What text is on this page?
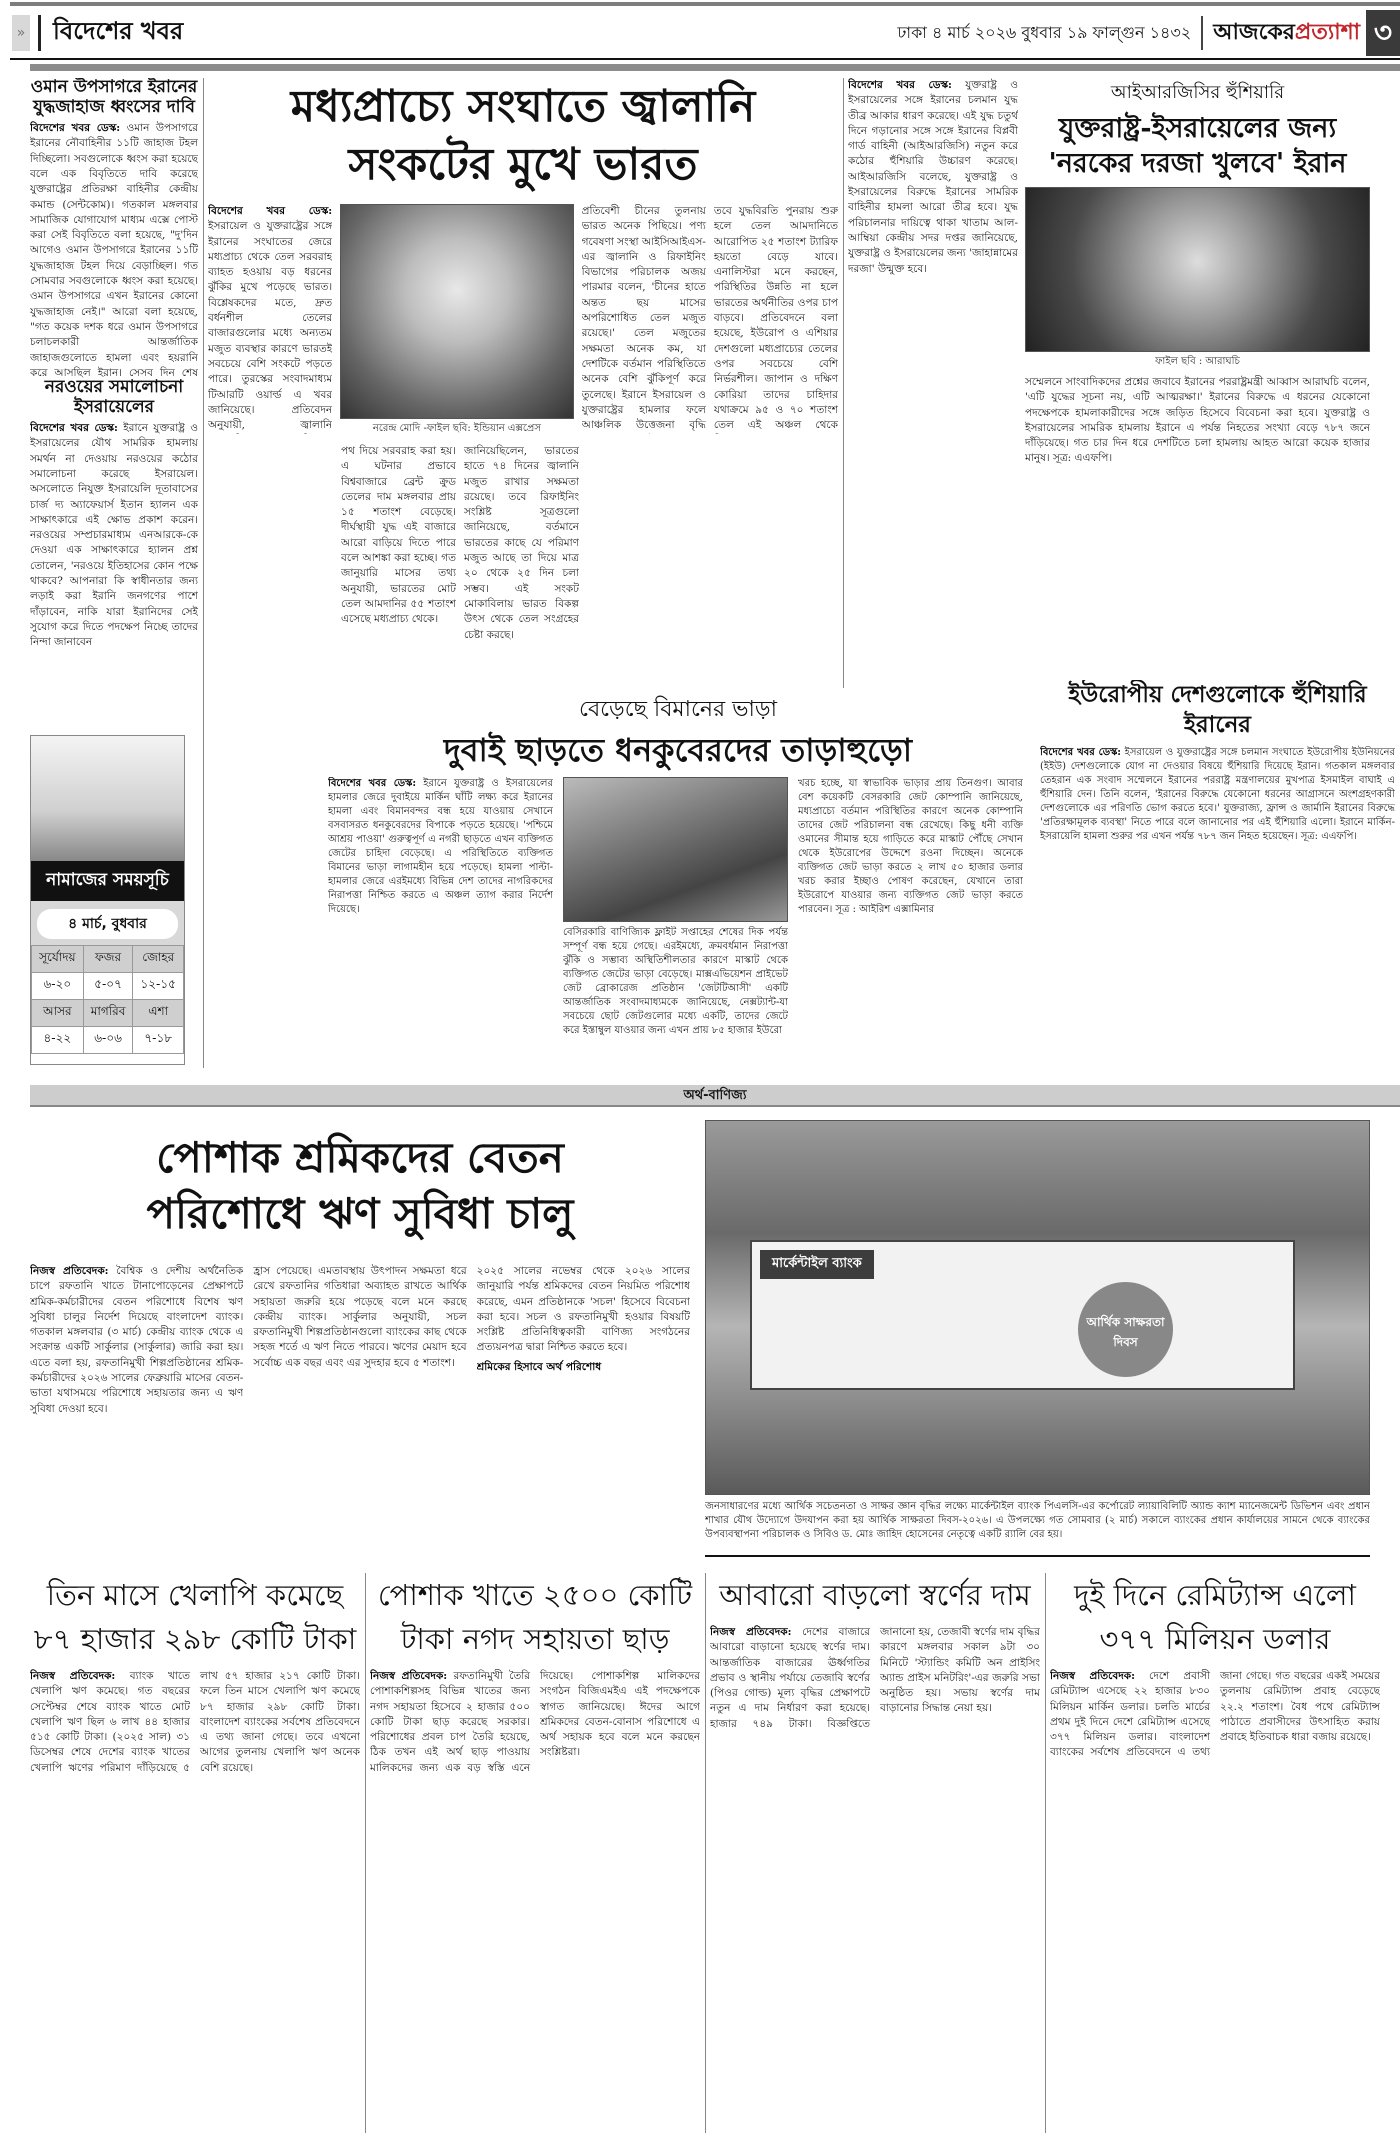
» বিদেশের খবর	ঢাকা ৪ মার্চ ২০২৬ বুধবার ১৯ ফাল্গুন ১৪৩২ আজকেরপ্রত্যাশা ৩
ওমান উপসাগরে ইরানের যুদ্ধজাহাজ ধ্বংসের দাবি
বিদেশের খবর ডেস্ক: ওমান উপসাগরে ইরানের নৌবাহিনীর ১১টি জাহাজ টহল দিচ্ছিলো। সবগুলোকে ধ্বংস করা হয়েছে বলে এক বিবৃতিতে দাবি করেছে যুক্তরাষ্ট্রের প্রতিরক্ষা বাহিনীর কেন্দ্রীয় কমান্ড (সেন্টকোম)। গতকাল মঙ্গলবার সামাজিক যোগাযোগ মাধ্যম এক্সে পোস্ট করা সেই বিবৃতিতে বলা হয়েছে, "দু'দিন আগেও ওমান উপসাগরে ইরানের ১১টি যুদ্ধজাহাজ টহল দিয়ে বেড়াচ্ছিল। গত সোমবার সবগুলোকে ধ্বংস করা হয়েছে। ওমান উপসাগরে এখন ইরানের কোনো যুদ্ধজাহাজ নেই।" আরো বলা হয়েছে, "গত কয়েক দশক ধরে ওমান উপসাগরে চলাচলকারী আন্তর্জাতিক জাহাজগুলোতে হামলা এবং হয়রানি করে আসছিল ইরান। সেসব দিন শেষ
নরওয়ের সমালোচনা ইসরায়েলের
বিদেশের খবর ডেস্ক: ইরানে যুক্তরাষ্ট্র ও ইসরায়েলের যৌথ সামরিক হামলায় সমর্থন না দেওয়ায় নরওয়ের কঠোর সমালোচনা করেছে ইসরায়েল। অসলোতে নিযুক্ত ইসরায়েলি দূতাবাসের চার্জ দ্য অ্যাফেয়ার্স ইতান হ্যালন এক সাক্ষাৎকারে এই ক্ষোভ প্রকাশ করেন। নরওয়ের সম্প্রচারমাধ্যম এনআরকে-কে দেওয়া এক সাক্ষাৎকারে হ্যালন প্রশ্ন তোলেন, 'নরওয়ে ইতিহাসের কোন পক্ষে থাকবে? আপনারা কি স্বাধীনতার জন্য লড়াই করা ইরানি জনগণের পাশে দাঁড়াবেন, নাকি যারা ইরানিদের সেই সুযোগ করে দিতে পদক্ষেপ নিচ্ছে তাদের নিন্দা জানাবেন
নামাজের সময়সূচি
৪ মার্চ, বুধবার
সূর্যোদয়	ফজর	জোহর
৬-২০	৫-০৭	১২-১৫
আসর	মাগরিব	এশা
৪-২২	৬-০৬	৭-১৮
মধ্যপ্রাচ্যে সংঘাতে জ্বালানি
সংকটের মুখে ভারত
বিদেশের খবর ডেস্ক: ইসরায়েল ও যুক্তরাষ্ট্রের সঙ্গে ইরানের সংঘাতের জেরে মধ্যপ্রাচ্য থেকে তেল সরবরাহ ব্যাহত হওয়ায় বড় ধরনের ঝুঁকির মুখে পড়েছে ভারত। বিশ্লেষকদের মতে, দ্রুত বর্ধনশীল তেলের বাজারগুলোর মধ্যে অন্যতম মজুত ব্যবস্থার কারণে ভারতই সবচেয়ে বেশি সংকটে পড়তে পারে। তুরস্কের সংবাদমাধ্যম টিআরটি ওয়ার্ল্ড এ খবর জানিয়েছে। প্রতিবেদন অনুযায়ী, জ্বালানি	নরেন্দ্র মোদি -ফাইল ছবি: ইন্ডিয়ান এক্সপ্রেস
প্রতিবেশী চীনের তুলনায় ভারত অনেক পিছিয়ে। পণ্য গবেষণা সংস্থা আইসিআইএস-এর জ্বালানি ও রিফাইনিং বিভাগের পরিচালক অজয় পারমার বলেন, 'চীনের হাতে অন্তত ছয় মাসের অপরিশোধিত তেল মজুত রয়েছে।' তেল মজুতের সক্ষমতা অনেক কম, যা দেশটিকে বর্তমান পরিস্থিতিতে অনেক বেশি ঝুঁকিপূর্ণ করে তুলেছে। ইরানে ইসরায়েল ও যুক্তরাষ্ট্রের হামলার ফলে আঞ্চলিক উত্তেজনা বৃদ্ধি
তবে যুদ্ধবিরতি পুনরায় শুরু হলে তেল আমদানিতে আরোপিত ২৫ শতাংশ ট্যারিফ হয়তো বেড়ে যাবে। এনালিস্টরা মনে করছেন, পরিস্থিতির উন্নতি না হলে ভারতের অর্থনীতির ওপর চাপ বাড়বে। প্রতিবেদনে বলা হয়েছে, ইউরোপ ও এশিয়ার দেশগুলো মধ্যপ্রাচ্যের তেলের ওপর সবচেয়ে বেশি নির্ভরশীল। জাপান ও দক্ষিণ কোরিয়া তাদের চাহিদার যথাক্রমে ৯৫ ও ৭০ শতাংশ তেল এই অঞ্চল থেকে
পথ দিয়ে সরবরাহ করা হয়। এ ঘটনার প্রভাবে বিশ্ববাজারে ব্রেন্ট ক্রুড তেলের দাম মঙ্গলবার প্রায় ১৫ শতাংশ বেড়েছে। দীর্ঘস্থায়ী যুদ্ধ এই বাজারে আরো বাড়িয়ে দিতে পারে বলে আশঙ্কা করা হচ্ছে। গত জানুয়ারি মাসের তথ্য অনুযায়ী, ভারতের মোট তেল আমদানির ৫৫ শতাংশ এসেছে মধ্যপ্রাচ্য থেকে।
জানিয়েছিলেন, ভারতের হাতে ৭৪ দিনের জ্বালানি মজুত রাখার সক্ষমতা রয়েছে। তবে রিফাইনিং সংশ্লিষ্ট সূত্রগুলো জানিয়েছে, বর্তমানে ভারতের কাছে যে পরিমাণ মজুত আছে তা দিয়ে মাত্র ২০ থেকে ২৫ দিন চলা সম্ভব। এই সংকট মোকাবিলায় ভারত বিকল্প উৎস থেকে তেল সংগ্রহের চেষ্টা করছে।
বিদেশের খবর ডেস্ক: যুক্তরাষ্ট্র ও ইসরায়েলের সঙ্গে ইরানের চলমান যুদ্ধ তীব্র আকার ধারণ করেছে। এই যুদ্ধ চতুর্থ দিনে গড়ানোর সঙ্গে সঙ্গে ইরানের বিপ্লবী গার্ড বাহিনী (আইআরজিসি) নতুন করে কঠোর হুঁশিয়ারি উচ্চারণ করেছে। আইআরজিসি বলেছে, যুক্তরাষ্ট্র ও ইসরায়েলের বিরুদ্ধে ইরানের সামরিক বাহিনীর হামলা আরো তীব্র হবে। যুদ্ধ পরিচালনার দায়িত্বে থাকা খাতাম আল-আম্বিয়া কেন্দ্রীয় সদর দপ্তর জানিয়েছে, যুক্তরাষ্ট্র ও ইসরায়েলের জন্য 'জাহান্নামের দরজা' উন্মুক্ত হবে।
আইআরজিসির হুঁশিয়ারি
যুক্তরাষ্ট্র-ইসরায়েলের জন্য 'নরকের দরজা খুলবে' ইরান
ফাইল ছবি : আরাঘচি
সম্মেলনে সাংবাদিকদের প্রশ্নের জবাবে ইরানের পররাষ্ট্রমন্ত্রী আব্বাস আরাঘচি বলেন, 'এটি যুদ্ধের সূচনা নয়, এটি আত্মরক্ষা।' ইরানের বিরুদ্ধে এ ধরনের যেকোনো পদক্ষেপকে হামলাকারীদের সঙ্গে জড়িত হিসেবে বিবেচনা করা হবে। যুক্তরাষ্ট্র ও ইসরায়েলের সামরিক হামলায় ইরানে এ পর্যন্ত নিহতের সংখ্যা বেড়ে ৭৮৭ জনে দাঁড়িয়েছে। গত চার দিন ধরে দেশটিতে চলা হামলায় আহত আরো কয়েক হাজার মানুষ। সূত্র: এএফপি।
ইউরোপীয় দেশগুলোকে হুঁশিয়ারি ইরানের
বিদেশের খবর ডেস্ক: ইসরায়েল ও যুক্তরাষ্ট্রের সঙ্গে চলমান সংঘাতে ইউরোপীয় ইউনিয়নের (ইইউ) দেশগুলোকে যোগ না দেওয়ার বিষয়ে হুঁশিয়ারি দিয়েছে ইরান। গতকাল মঙ্গলবার তেহরান এক সংবাদ সম্মেলনে ইরানের পররাষ্ট্র মন্ত্রণালয়ের মুখপাত্র ইসমাইল বাঘাই এ হুঁশিয়ারি দেন। তিনি বলেন, 'ইরানের বিরুদ্ধে যেকোনো ধরনের আগ্রাসনে অংশগ্রহণকারী দেশগুলোকে এর পরিণতি ভোগ করতে হবে।' যুক্তরাজ্য, ফ্রান্স ও জার্মানি ইরানের বিরুদ্ধে 'প্রতিরক্ষামূলক ব্যবস্থা' নিতে পারে বলে জানানোর পর এই হুঁশিয়ারি এলো। ইরানে মার্কিন-ইসরায়েলি হামলা শুরুর পর এখন পর্যন্ত ৭৮৭ জন নিহত হয়েছেন। সূত্র: এএফপি।
বেড়েছে বিমানের ভাড়া
দুবাই ছাড়তে ধনকুবেরদের তাড়াহুড়ো
বিদেশের খবর ডেস্ক: ইরানে যুক্তরাষ্ট্র ও ইসরায়েলের হামলার জেরে দুবাইয়ে মার্কিন ঘাঁটি লক্ষ্য করে ইরানের হামলা এবং বিমানবন্দর বন্ধ হয়ে যাওয়ায় সেখানে বসবাসরত ধনকুবেরদের বিপাকে পড়তে হয়েছে। 'পশ্চিমে আশ্রয় পাওয়া' গুরুত্বপূর্ণ এ নগরী ছাড়তে এখন ব্যক্তিগত জেটের চাহিদা বেড়েছে। এ পরিস্থিতিতে ব্যক্তিগত বিমানের ভাড়া লাগামহীন হয়ে পড়েছে। হামলা পাল্টা-হামলার জেরে এরইমধ্যে বিভিন্ন দেশ তাদের নাগরিকদের নিরাপত্তা নিশ্চিত করতে এ অঞ্চল ত্যাগ করার নির্দেশ দিয়েছে।
বেসিরকারি বাণিজ্যিক ফ্লাইট সপ্তাহের শেষের দিক পর্যন্ত সম্পূর্ণ বন্ধ হয়ে গেছে। এরইমধ্যে, ক্রমবর্ধমান নিরাপত্তা ঝুঁকি ও সম্ভাব্য অস্থিতিশীলতার কারণে মাস্কাট থেকে ব্যক্তিগত জেটের ভাড়া বেড়েছে। মাক্সএভিয়েশন প্রাইভেট জেট ব্রোকারেজ প্রতিষ্ঠান 'জেটটিআসী' একটি আন্তর্জাতিক সংবাদমাধ্যমকে জানিয়েছে, নেক্সট্যান্ট-যা সবচেয়ে ছোট জেটগুলোর মধ্যে একটি, তাদের জেটে করে ইস্তাম্বুল যাওয়ার জন্য এখন প্রায় ৮৫ হাজার ইউরো
খরচ হচ্ছে, যা স্বাভাবিক ভাড়ার প্রায় তিনগুণ। আবার বেশ কয়েকটি বেসরকারি জেট কোম্পানি জানিয়েছে, মধ্যপ্রাচ্যে বর্তমান পরিস্থিতির কারণে অনেক কোম্পানি তাদের জেট পরিচালনা বন্ধ রেখেছে। কিছু ধনী ব্যক্তি ওমানের সীমান্ত হয়ে গাড়িতে করে মাস্কাট পৌঁছে সেখান থেকে ইউরোপের উদ্দেশে রওনা দিচ্ছেন। অনেকে ব্যক্তিগত জেট ভাড়া করতে ২ লাখ ৫০ হাজার ডলার খরচ করার ইচ্ছাও পোষণ করেছেন, যেখানে তারা ইউরোপে যাওয়ার জন্য ব্যক্তিগত জেট ভাড়া করতে পারবেন। সূত্র : আইরিশ এক্সামিনার
অর্থ-বাণিজ্য
পোশাক শ্রমিকদের বেতন
পরিশোধে ঋণ সুবিধা চালু
নিজস্ব প্রতিবেদক: বৈশ্বিক ও দেশীয় অর্থনৈতিক চাপে রফতানি খাতে টানাপোড়েনের প্রেক্ষাপটে শ্রমিক-কর্মচারীদের বেতন পরিশোধে বিশেষ ঋণ সুবিধা চালুর নির্দেশ দিয়েছে বাংলাদেশ ব্যাংক। গতকাল মঙ্গলবার (৩ মার্চ) কেন্দ্রীয় ব্যাংক থেকে এ সংক্রান্ত একটি সার্কুলার (সার্কুলার) জারি করা হয়। এতে বলা হয়, রফতানিমুখী শিল্পপ্রতিষ্ঠানের শ্রমিক-কর্মচারীদের ২০২৬ সালের ফেব্রুয়ারি মাসের বেতন-ভাতা যথাসময়ে পরিশোধে সহায়তার জন্য এ ঋণ সুবিধা দেওয়া হবে।
হ্রাস পেয়েছে। এমতাবস্থায় উৎপাদন সক্ষমতা ধরে রেখে রফতানির গতিধারা অব্যাহত রাখতে আর্থিক সহায়তা জরুরি হয়ে পড়েছে বলে মনে করছে কেন্দ্রীয় ব্যাংক। সার্কুলার অনুযায়ী, সচল রফতানিমুখী শিল্পপ্রতিষ্ঠানগুলো ব্যাংকের কাছ থেকে সহজ শর্তে এ ঋণ নিতে পারবে। ঋণের মেয়াদ হবে সর্বোচ্চ এক বছর এবং এর সুদহার হবে ৫ শতাংশ।
২০২৫ সালের নভেম্বর থেকে ২০২৬ সালের জানুয়ারি পর্যন্ত শ্রমিকদের বেতন নিয়মিত পরিশোধ করেছে, এমন প্রতিষ্ঠানকে 'সচল' হিসেবে বিবেচনা করা হবে। সচল ও রফতানিমুখী হওয়ার বিষয়টি সংশ্লিষ্ট প্রতিনিধিত্বকারী বাণিজ্য সংগঠনের প্রত্যয়নপত্র দ্বারা নিশ্চিত করতে হবে।
শ্রমিকের হিসাবে অর্থ পরিশোধ
মার্কেন্টাইল ব্যাংক
আর্থিক সাক্ষরতা দিবস
জনসাধারণের মধ্যে আর্থিক সচেতনতা ও সাক্ষর জ্ঞান বৃদ্ধির লক্ষ্যে মার্কেন্টাইল ব্যাংক পিএলসি-এর কর্পোরেট ল্যায়াবিলিটি অ্যান্ড ক্যাশ ম্যানেজমেন্ট ডিভিশন এবং প্রধান শাখার যৌথ উদ্যোগে উদযাপন করা হয় আর্থিক সাক্ষরতা দিবস-২০২৬। এ উপলক্ষ্যে গত সোমবার (২ মার্চ) সকালে ব্যাংকের প্রধান কার্যালয়ের সামনে থেকে ব্যাংকের উপব্যবস্থাপনা পরিচালক ও সিবিও ড. মোঃ জাহিদ হোসেনের নেতৃত্বে একটি র‍্যালি বের হয়।
তিন মাসে খেলাপি কমেছে ৮৭ হাজার ২৯৮ কোটি টাকা
নিজস্ব প্রতিবেদক: ব্যাংক খাতে খেলাপি ঋণ কমেছে। গত বছরের সেপ্টেম্বর শেষে ব্যাংক খাতে মোট খেলাপি ঋণ ছিল ৬ লাখ ৪৪ হাজার ৫১৫ কোটি টাকা। (২০২৫ সাল) ৩১ ডিসেম্বর শেষে দেশের ব্যাংক খাতের খেলাপি ঋণের পরিমাণ দাঁড়িয়েছে ৫ লাখ ৫৭ হাজার ২১৭ কোটি টাকা। ফলে তিন মাসে খেলাপি ঋণ কমেছে ৮৭ হাজার ২৯৮ কোটি টাকা। বাংলাদেশ ব্যাংকের সর্বশেষ প্রতিবেদনে এ তথ্য জানা গেছে। তবে এখনো আগের তুলনায় খেলাপি ঋণ অনেক বেশি রয়েছে।
পোশাক খাতে ২৫০০ কোটি টাকা নগদ সহায়তা ছাড়
নিজস্ব প্রতিবেদক: রফতানিমুখী তৈরি পোশাকশিল্পসহ বিভিন্ন খাতের জন্য নগদ সহায়তা হিসেবে ২ হাজার ৫০০ কোটি টাকা ছাড় করেছে সরকার। পরিশোধের প্রবল চাপ তৈরি হয়েছে, ঠিক তখন এই অর্থ ছাড় পাওয়ায় মালিকদের জন্য এক বড় স্বস্তি এনে দিয়েছে। পোশাকশিল্প মালিকদের সংগঠন বিজিএমইএ এই পদক্ষেপকে স্বাগত জানিয়েছে। ঈদের আগে শ্রমিকদের বেতন-বোনাস পরিশোধে এ অর্থ সহায়ক হবে বলে মনে করছেন সংশ্লিষ্টরা।
আবারো বাড়লো স্বর্ণের দাম
নিজস্ব প্রতিবেদক: দেশের বাজারে আবারো বাড়ানো হয়েছে স্বর্ণের দাম। আন্তর্জাতিক বাজারের ঊর্ধ্বগতির প্রভাব ও স্থানীয় পর্যায়ে তেজাবি স্বর্ণের (পিওর গোল্ড) মূল্য বৃদ্ধির প্রেক্ষাপটে নতুন এ দাম নির্ধারণ করা হয়েছে। হাজার ৭৪৯ টাকা। বিজ্ঞপ্তিতে জানানো হয়, তেজাবী স্বর্ণের দাম বৃদ্ধির কারণে মঙ্গলবার সকাল ৯টা ৩০ মিনিটে 'স্ট্যান্ডিং কমিটি অন প্রাইসিং অ্যান্ড প্রাইস মনিটরিং'-এর জরুরি সভা অনুষ্ঠিত হয়। সভায় স্বর্ণের দাম বাড়ানোর সিদ্ধান্ত নেয়া হয়।
দুই দিনে রেমিট্যান্স এলো ৩৭৭ মিলিয়ন ডলার
নিজস্ব প্রতিবেদক: দেশে প্রবাসী রেমিট্যান্স এসেছে ২২ হাজার ৮৩০ মিলিয়ন মার্কিন ডলার। চলতি মার্চের প্রথম দুই দিনে দেশে রেমিট্যান্স এসেছে ৩৭৭ মিলিয়ন ডলার। বাংলাদেশ ব্যাংকের সর্বশেষ প্রতিবেদনে এ তথ্য জানা গেছে। গত বছরের একই সময়ের তুলনায় রেমিট্যান্স প্রবাহ বেড়েছে ২২.২ শতাংশ। বৈধ পথে রেমিট্যান্স পাঠাতে প্রবাসীদের উৎসাহিত করায় প্রবাহে ইতিবাচক ধারা বজায় রয়েছে।
